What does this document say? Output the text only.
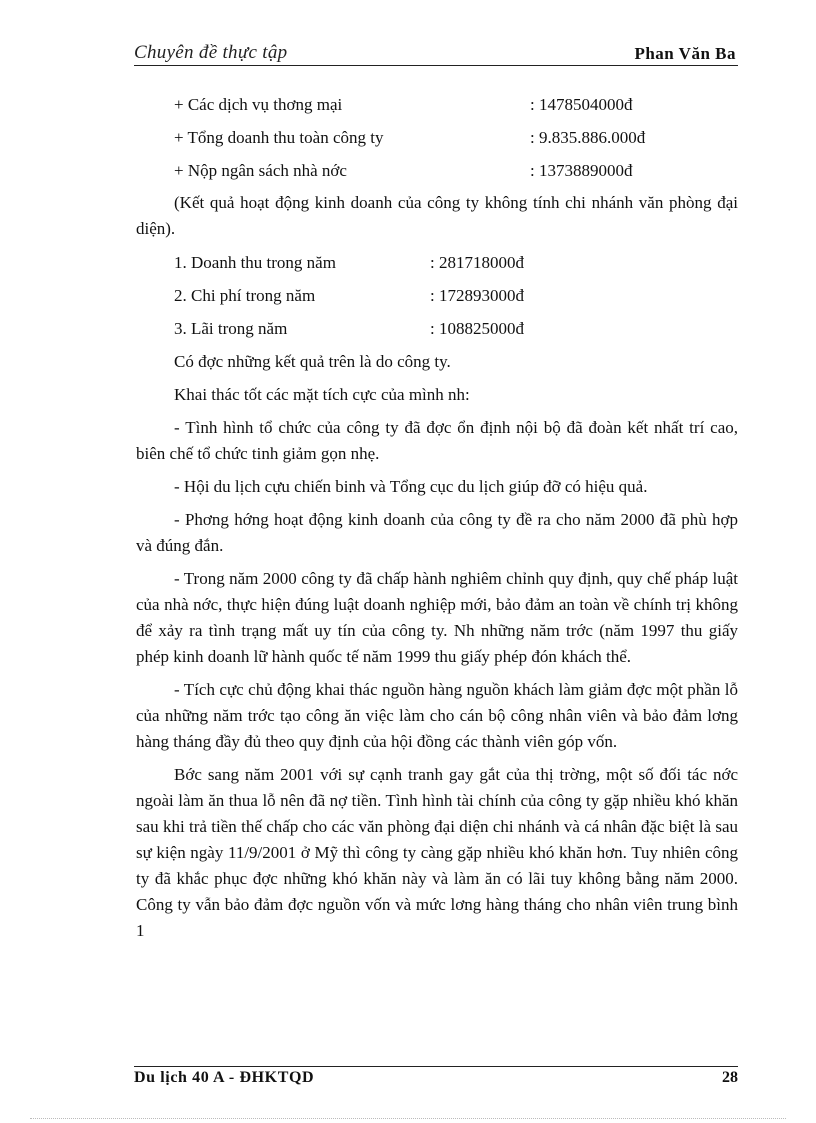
Chuyên đề thực tập	Phan Văn Ba
+ Các dịch vụ thơng mại	: 1478504000đ
+ Tổng doanh thu toàn công ty	: 9.835.886.000đ
+ Nộp ngân sách nhà nớc	: 1373889000đ

(Kết quả hoạt động kinh doanh của công ty không tính chi nhánh văn phòng đại diện).

1. Doanh thu trong năm	: 281718000đ
2. Chi phí trong năm	: 172893000đ
3. Lãi trong năm	: 108825000đ

Có đợc những kết quả trên là do công ty.

Khai thác tốt các mặt tích cực của mình nh:

- Tình hình tổ chức của công ty đã đợc ổn định nội bộ đã đoàn kết nhất trí cao, biên chế tổ chức tinh giảm gọn nhẹ.

- Hội du lịch cựu chiến binh và Tổng cục du lịch giúp đỡ có hiệu quả.

- Phơng hớng hoạt động kinh doanh của công ty đề ra cho năm 2000 đã phù hợp và đúng đắn.

- Trong năm 2000 công ty đã chấp hành nghiêm chỉnh quy định, quy chế pháp luật của nhà nớc, thực hiện đúng luật doanh nghiệp mới, bảo đảm an toàn về chính trị không để xảy ra tình trạng mất uy tín của công ty. Nh những năm trớc (năm 1997 thu giấy phép kinh doanh lữ hành quốc tế năm 1999 thu giấy phép đón khách thể.

- Tích cực chủ động khai thác nguồn hàng nguồn khách làm giảm đợc một phần lỗ của những năm trớc tạo công ăn việc làm cho cán bộ công nhân viên và bảo đảm lơng hàng tháng đầy đủ theo quy định của hội đồng các thành viên góp vốn.

Bớc sang năm 2001 với sự cạnh tranh gay gắt của thị trờng, một số đối tác nớc ngoài làm ăn thua lỗ nên đã nợ tiền. Tình hình tài chính của công ty gặp nhiều khó khăn sau khi trả tiền thế chấp cho các văn phòng đại diện chi nhánh và cá nhân đặc biệt là sau sự kiện ngày 11/9/2001 ở Mỹ thì công ty càng gặp nhiều khó khăn hơn. Tuy nhiên công ty đã khắc phục đợc những khó khăn này và làm ăn có lãi tuy không bằng năm 2000. Công ty vẫn bảo đảm đợc nguồn vốn và mức lơng hàng tháng cho nhân viên trung bình 1

Du lịch 40 A - ĐHKTQD	28
